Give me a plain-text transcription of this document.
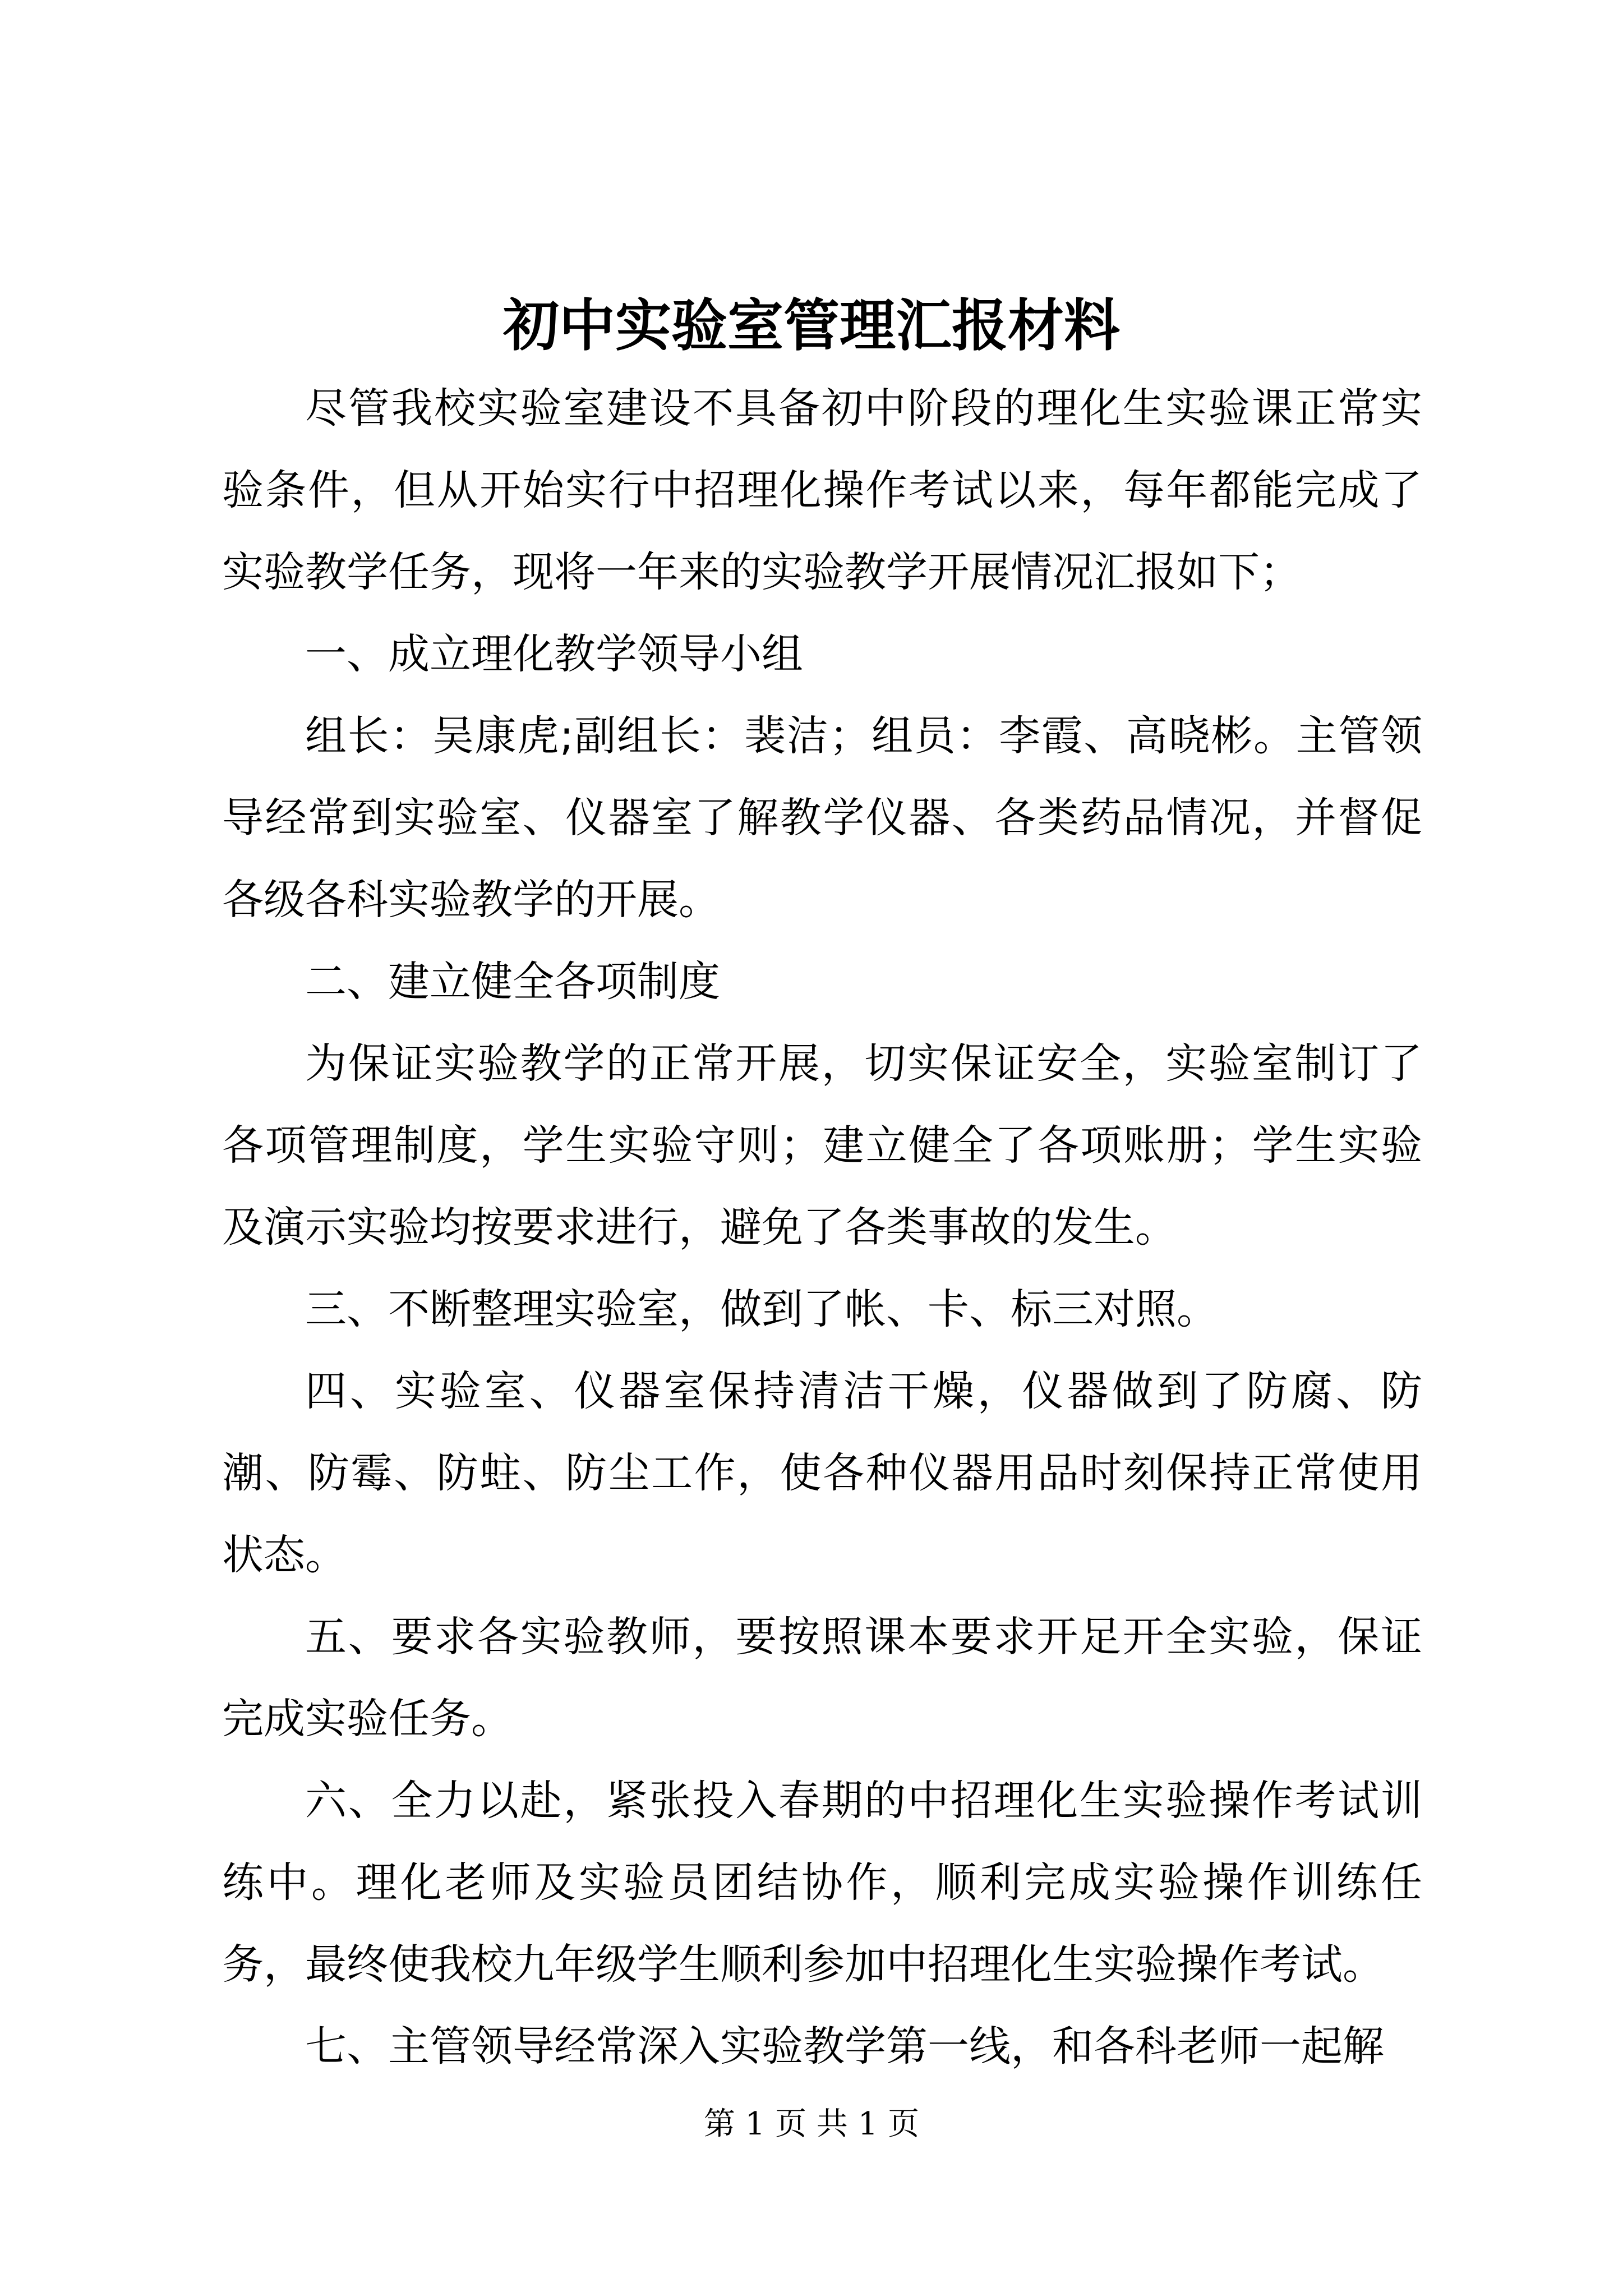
初中实验室管理汇报材料

尽管我校实验室建设不具备初中阶段的理化生实验课正常实验条件，但从开始实行中招理化操作考试以来，每年都能完成了实验教学任务，现将一年来的实验教学开展情况汇报如下；

一、成立理化教学领导小组

组长：吴康虎;副组长：裴洁；组员：李霞、高晓彬。主管领导经常到实验室、仪器室了解教学仪器、各类药品情况，并督促各级各科实验教学的开展。

二、建立健全各项制度

为保证实验教学的正常开展，切实保证安全，实验室制订了各项管理制度，学生实验守则；建立健全了各项账册；学生实验及演示实验均按要求进行，避免了各类事故的发生。

三、不断整理实验室，做到了帐、卡、标三对照。

四、实验室、仪器室保持清洁干燥，仪器做到了防腐、防潮、防霉、防蛀、防尘工作，使各种仪器用品时刻保持正常使用状态。

五、要求各实验教师，要按照课本要求开足开全实验，保证完成实验任务。

六、全力以赴，紧张投入春期的中招理化生实验操作考试训练中。理化老师及实验员团结协作，顺利完成实验操作训练任务，最终使我校九年级学生顺利参加中招理化生实验操作考试。

七、主管领导经常深入实验教学第一线，和各科老师一起解

第 1 页 共 1 页
